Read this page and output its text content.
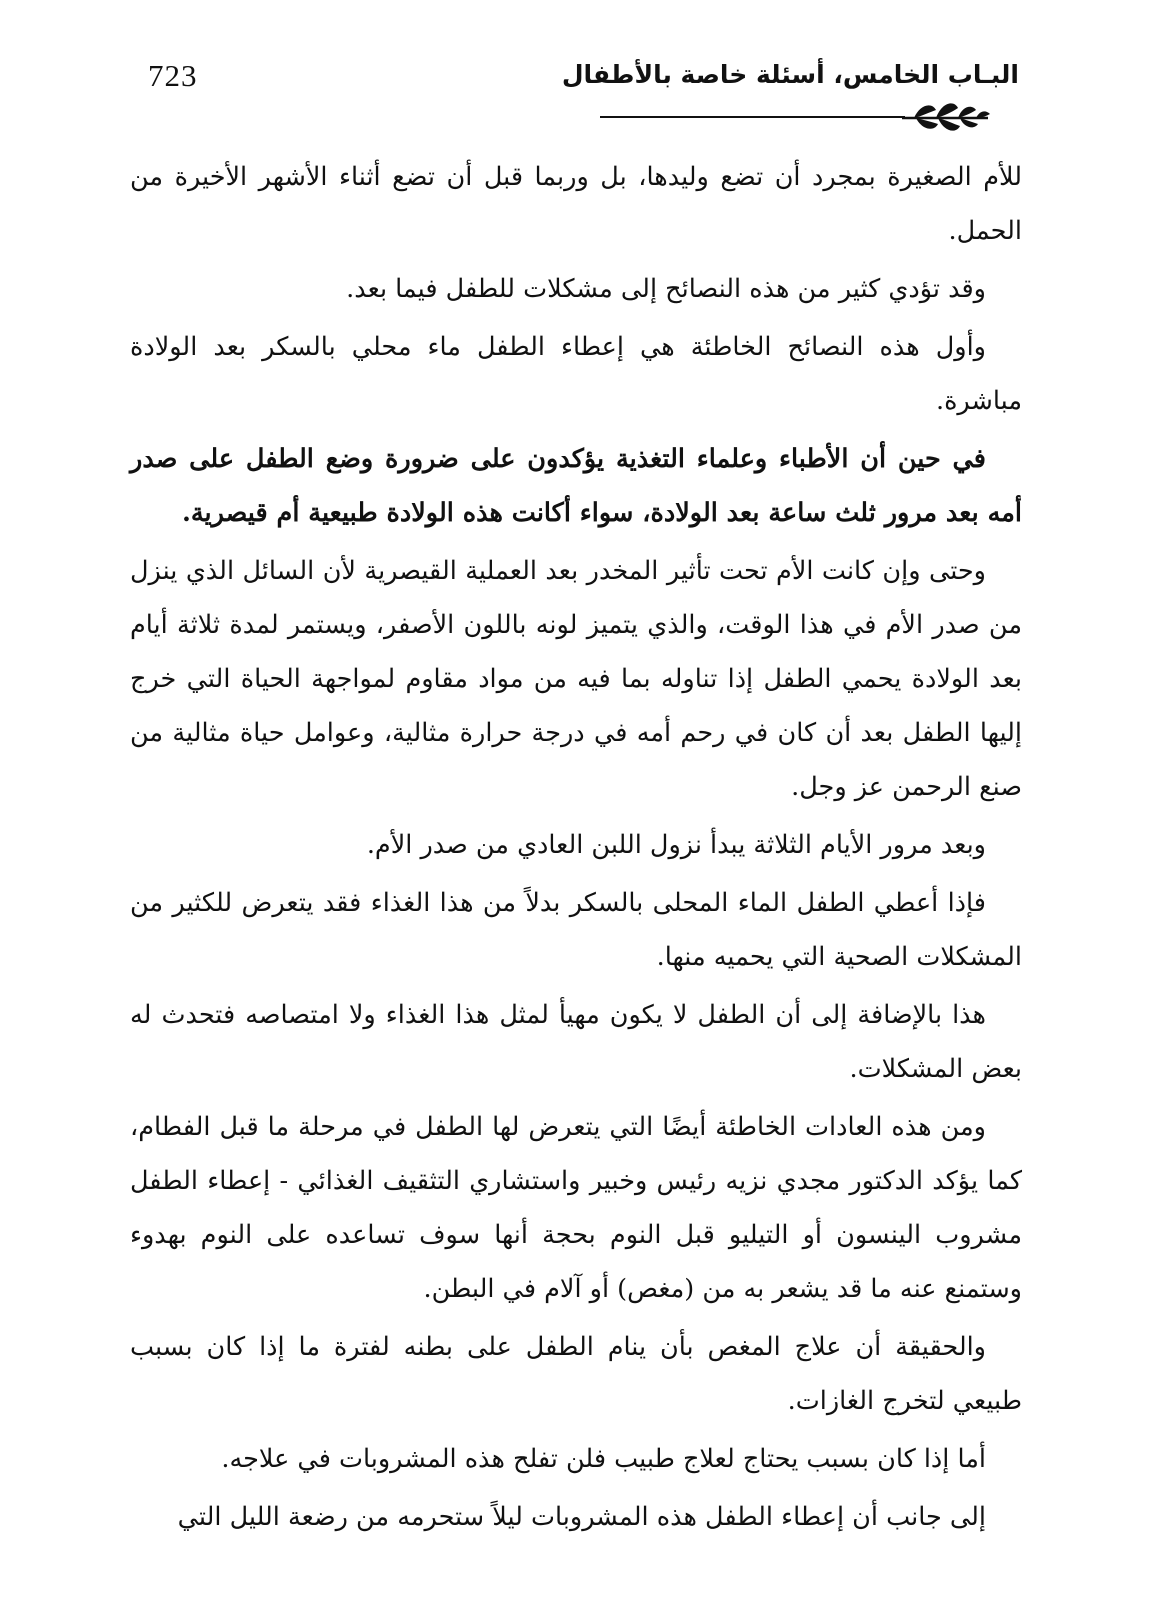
723	البـاب الخامس، أسئلة خاصة بالأطفال

للأم الصغيرة بمجرد أن تضع وليدها، بل وربما قبل أن تضع أثناء الأشهر الأخيرة من الحمل.

وقد تؤدي كثير من هذه النصائح إلى مشكلات للطفل فيما بعد.

وأول هذه النصائح الخاطئة هي إعطاء الطفل ماء محلي بالسكر بعد الولادة مباشرة.

في حين أن الأطباء وعلماء التغذية يؤكدون على ضرورة وضع الطفل على صدر أمه بعد مرور ثلث ساعة بعد الولادة، سواء أكانت هذه الولادة طبيعية أم قيصرية.

وحتى وإن كانت الأم تحت تأثير المخدر بعد العملية القيصرية لأن السائل الذي ينزل من صدر الأم في هذا الوقت، والذي يتميز لونه باللون الأصفر، ويستمر لمدة ثلاثة أيام بعد الولادة يحمي الطفل إذا تناوله بما فيه من مواد مقاوم لمواجهة الحياة التي خرج إليها الطفل بعد أن كان في رحم أمه في درجة حرارة مثالية، وعوامل حياة مثالية من صنع الرحمن عز وجل.

وبعد مرور الأيام الثلاثة يبدأ نزول اللبن العادي من صدر الأم.

فإذا أعطي الطفل الماء المحلى بالسكر بدلاً من هذا الغذاء فقد يتعرض للكثير من المشكلات الصحية التي يحميه منها.

هذا بالإضافة إلى أن الطفل لا يكون مهيأ لمثل هذا الغذاء ولا امتصاصه فتحدث له بعض المشكلات.

ومن هذه العادات الخاطئة أيضًا التي يتعرض لها الطفل في مرحلة ما قبل الفطام، كما يؤكد الدكتور مجدي نزيه رئيس وخبير واستشاري التثقيف الغذائي - إعطاء الطفل مشروب الينسون أو التيليو قبل النوم بحجة أنها سوف تساعده على النوم بهدوء وستمنع عنه ما قد يشعر به من (مغص) أو آلام في البطن.

والحقيقة أن علاج المغص بأن ينام الطفل على بطنه لفترة ما إذا كان بسبب طبيعي لتخرج الغازات.

أما إذا كان بسبب يحتاج لعلاج طبيب فلن تفلح هذه المشروبات في علاجه.

إلى جانب أن إعطاء الطفل هذه المشروبات ليلاً ستحرمه من رضعة الليل التي
